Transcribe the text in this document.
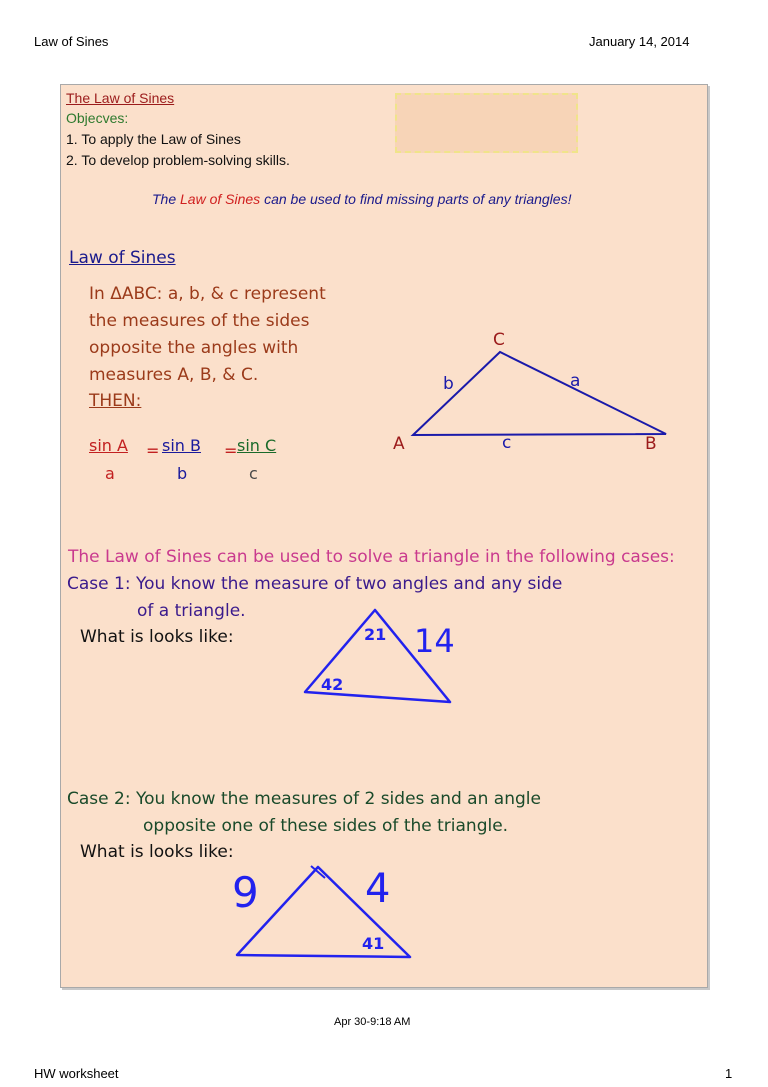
Law of Sines	January 14, 2014
The Law of Sines
Objecves:
1. To apply the Law of Sines
2. To develop problem-solving skills.
The Law of Sines can be used to find missing parts of any triangles!
Law of Sines
In ΔABC: a, b, & c represent
the measures of the sides
opposite the angles with
measures A, B, & C.
THEN:
sin A
a
= sin B
b
= sin C
c
C
b	a
A	c	B
The Law of Sines can be used to solve a triangle in the following cases:
Case 1: You know the measure of two angles and any side
of a triangle.
What is looks like:	21 14
42
Case 2: You know the measures of 2 sides and an angle
opposite one of these sides of the triangle.
What is looks like:
9	4
41
Apr 30-9:18 AM
HW worksheet	1
